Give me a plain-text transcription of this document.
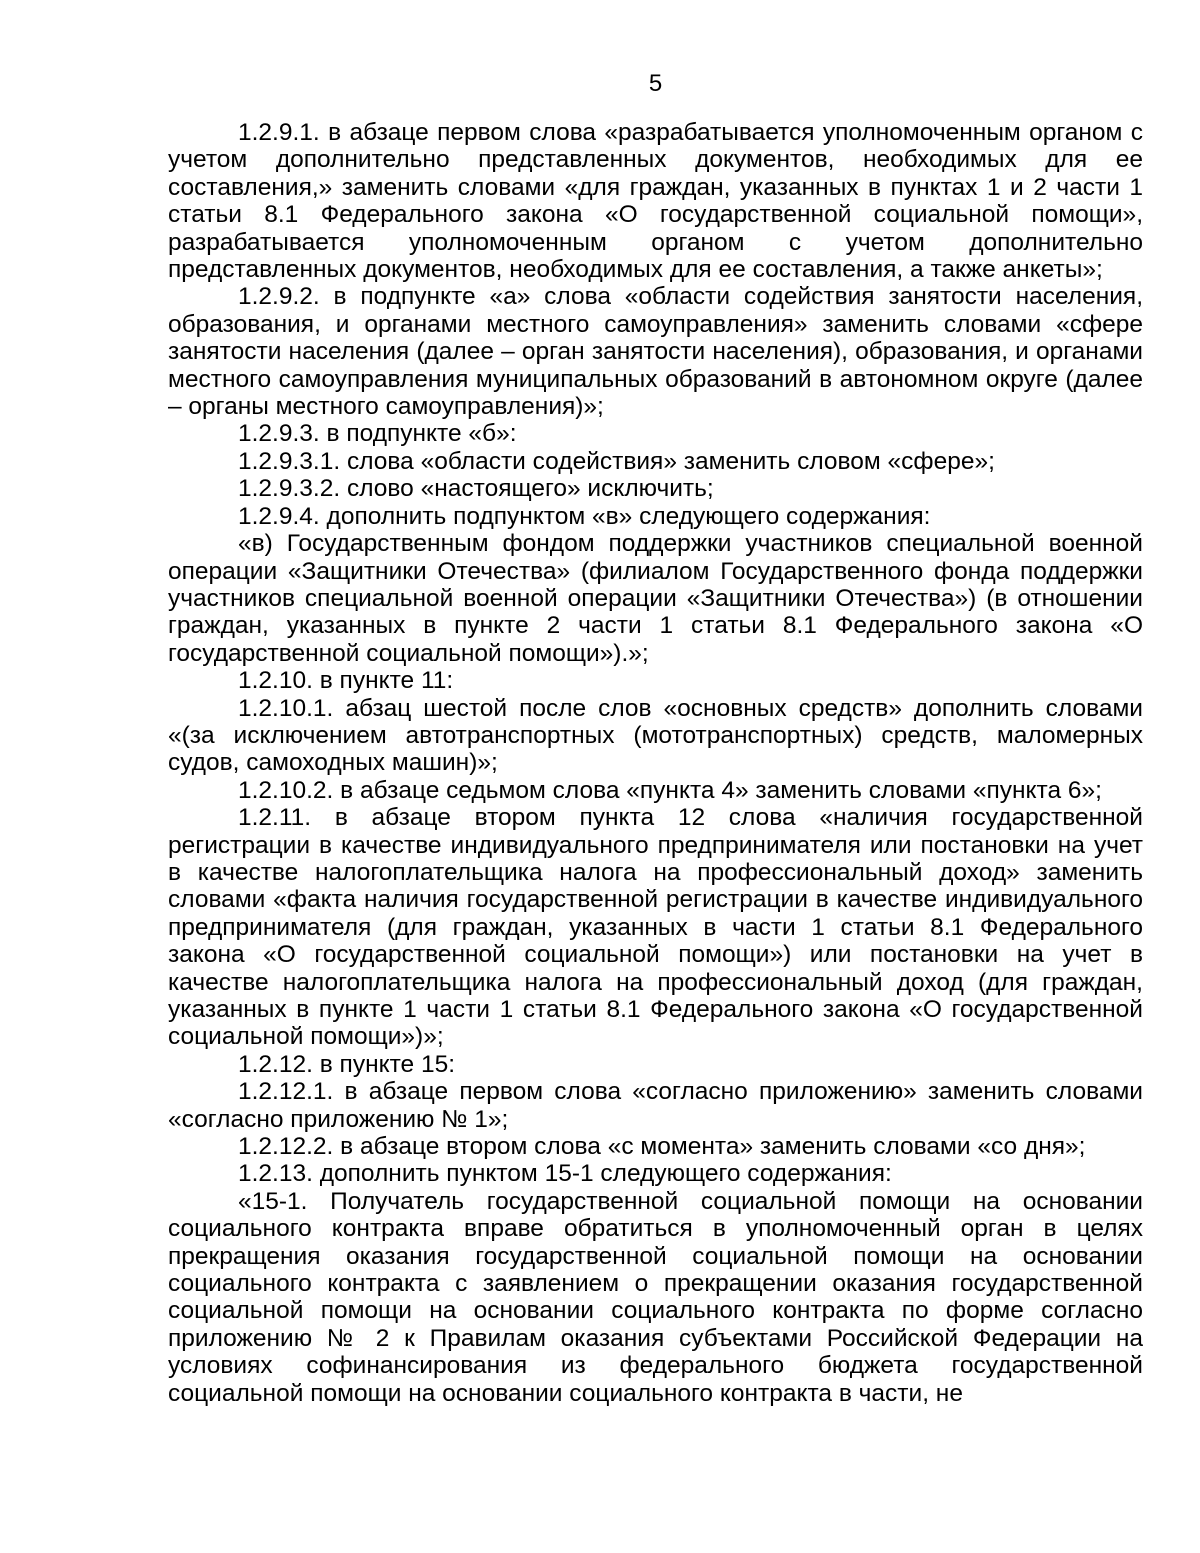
5

1.2.9.1. в абзаце первом слова «разрабатывается уполномоченным органом с учетом дополнительно представленных документов, необходимых для ее составления,» заменить словами «для граждан, указанных в пунктах 1 и 2 части 1 статьи 8.1 Федерального закона «О государственной социальной помощи», разрабатывается уполномоченным органом с учетом дополнительно представленных документов, необходимых для ее составления, а также анкеты»;

1.2.9.2. в подпункте «а» слова «области содействия занятости населения, образования, и органами местного самоуправления» заменить словами «сфере занятости населения (далее – орган занятости населения), образования, и органами местного самоуправления муниципальных образований в автономном округе (далее – органы местного самоуправления)»;

1.2.9.3. в подпункте «б»:

1.2.9.3.1. слова «области содействия» заменить словом «сфере»;

1.2.9.3.2. слово «настоящего» исключить;

1.2.9.4. дополнить подпунктом «в» следующего содержания:

«в) Государственным фондом поддержки участников специальной военной операции «Защитники Отечества» (филиалом Государственного фонда поддержки участников специальной военной операции «Защитники Отечества») (в отношении граждан, указанных в пункте 2 части 1 статьи 8.1 Федерального закона «О государственной социальной помощи»).»;

1.2.10. в пункте 11:

1.2.10.1. абзац шестой после слов «основных средств» дополнить словами «(за исключением автотранспортных (мототранспортных) средств, маломерных судов, самоходных машин)»;

1.2.10.2. в абзаце седьмом слова «пункта 4» заменить словами «пункта 6»;

1.2.11. в абзаце втором пункта 12 слова «наличия государственной регистрации в качестве индивидуального предпринимателя или постановки на учет в качестве налогоплательщика налога на профессиональный доход» заменить словами «факта наличия государственной регистрации в качестве индивидуального предпринимателя (для граждан, указанных в части 1 статьи 8.1 Федерального закона «О государственной социальной помощи») или постановки на учет в качестве налогоплательщика налога на профессиональный доход (для граждан, указанных в пункте 1 части 1 статьи 8.1 Федерального закона «О государственной социальной помощи»)»;

1.2.12. в пункте 15:

1.2.12.1. в абзаце первом слова «согласно приложению» заменить словами «согласно приложению № 1»;

1.2.12.2. в абзаце втором слова «с момента» заменить словами «со дня»;

1.2.13. дополнить пунктом 15-1 следующего содержания:

«15-1. Получатель государственной социальной помощи на основании социального контракта вправе обратиться в уполномоченный орган в целях прекращения оказания государственной социальной помощи на основании социального контракта с заявлением о прекращении оказания государственной социальной помощи на основании социального контракта по форме согласно приложению № 2 к Правилам оказания субъектами Российской Федерации на условиях софинансирования из федерального бюджета государственной социальной помощи на основании социального контракта в части, не
